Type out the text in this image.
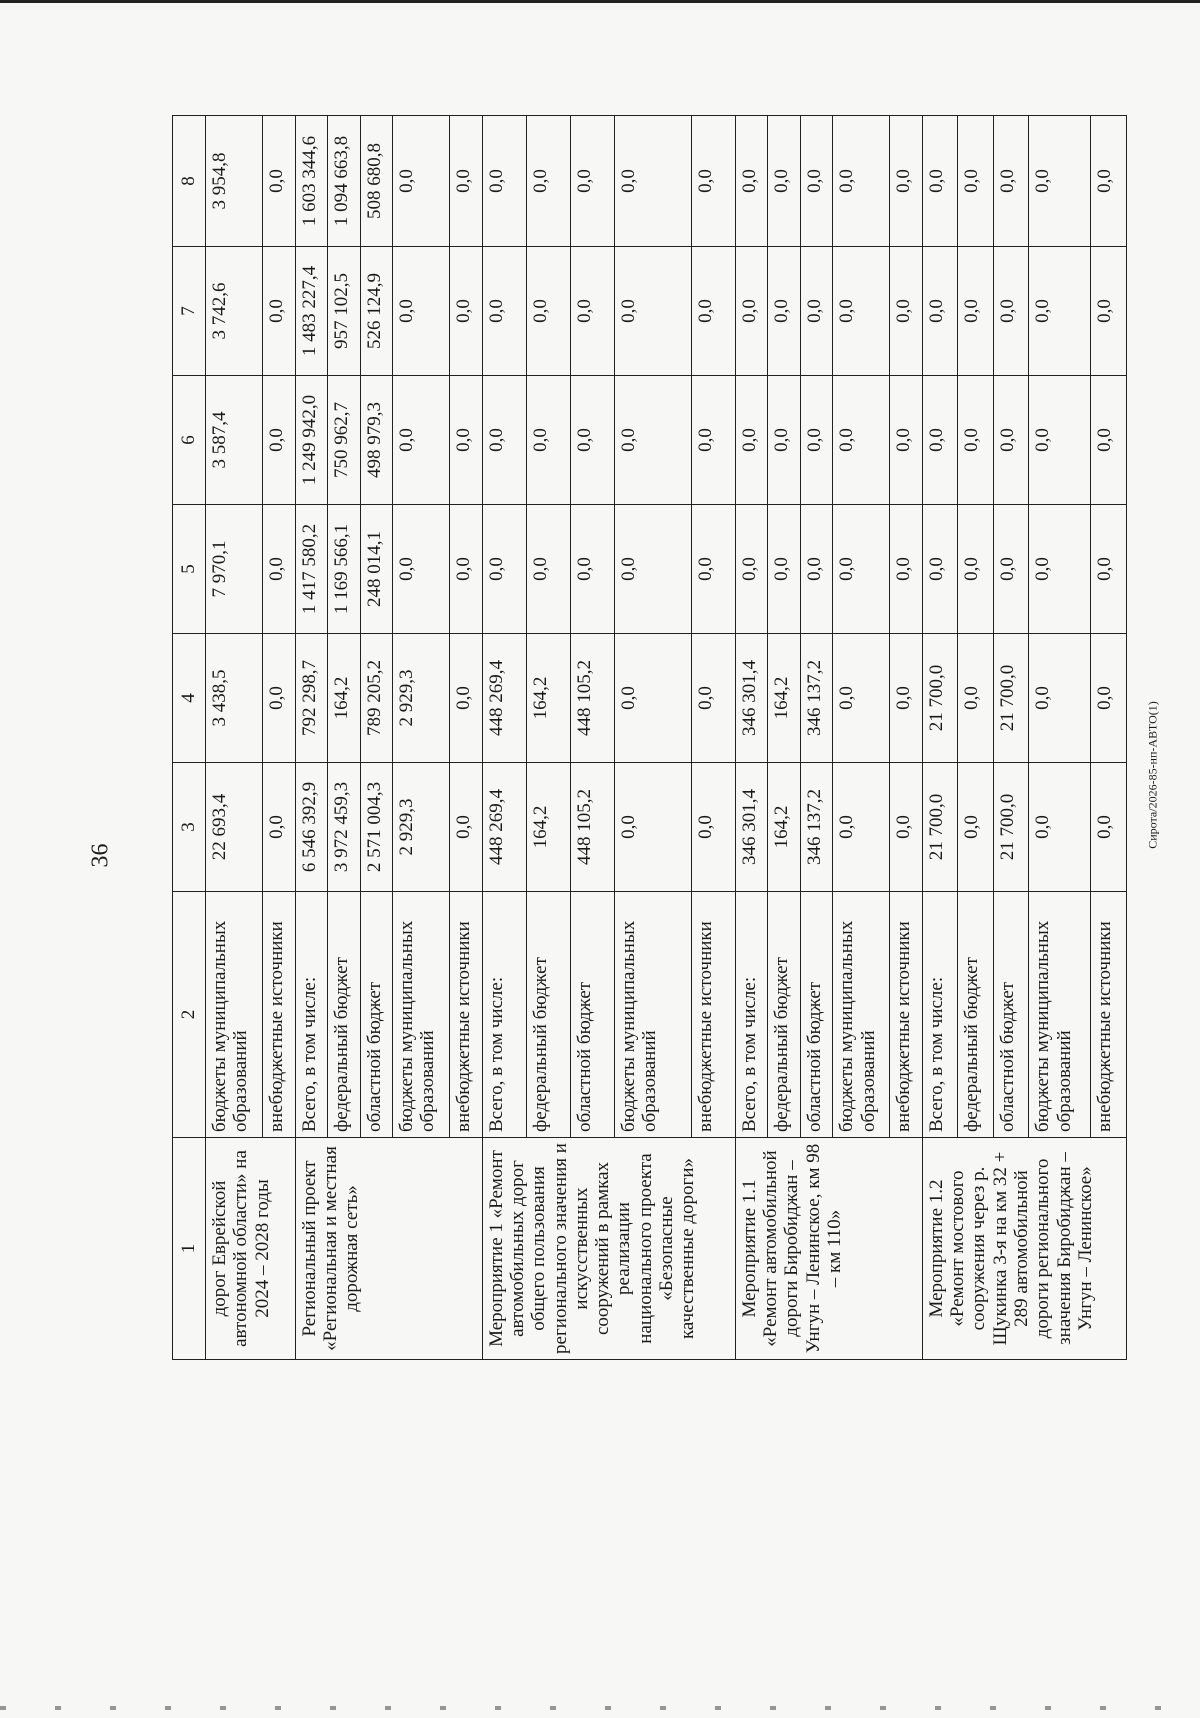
36
1	2	3	4	5	6	7	8
дорог Еврейской автономной области» на 2024 – 2028 годы	бюджеты муниципальных образований	22 693,4	3 438,5	7 970,1	3 587,4	3 742,6	3 954,8
	внебюджетные источники	0,0	0,0	0,0	0,0	0,0	0,0
Региональный проект «Региональная и местная дорожная сеть»	Всего, в том числе:	6 546 392,9	792 298,7	1 417 580,2	1 249 942,0	1 483 227,4	1 603 344,6
	федеральный бюджет	3 972 459,3	164,2	1 169 566,1	750 962,7	957 102,5	1 094 663,8
	областной бюджет	2 571 004,3	789 205,2	248 014,1	498 979,3	526 124,9	508 680,8
	бюджеты муниципальных образований	2 929,3	2 929,3	0,0	0,0	0,0	0,0
	внебюджетные источники	0,0	0,0	0,0	0,0	0,0	0,0
Мероприятие 1 «Ремонт автомобильных дорог общего пользования регионального значения и искусственных сооружений в рамках реализации национального проекта «Безопасные качественные дороги»	Всего, в том числе:	448 269,4	448 269,4	0,0	0,0	0,0	0,0
	федеральный бюджет	164,2	164,2	0,0	0,0	0,0	0,0
	областной бюджет	448 105,2	448 105,2	0,0	0,0	0,0	0,0
	бюджеты муниципальных образований	0,0	0,0	0,0	0,0	0,0	0,0
	внебюджетные источники	0,0	0,0	0,0	0,0	0,0	0,0
Мероприятие 1.1 «Ремонт автомобильной дороги Биробиджан – Унгун – Ленинское, км 98 – км 110»	Всего, в том числе:	346 301,4	346 301,4	0,0	0,0	0,0	0,0
	федеральный бюджет	164,2	164,2	0,0	0,0	0,0	0,0
	областной бюджет	346 137,2	346 137,2	0,0	0,0	0,0	0,0
	бюджеты муниципальных образований	0,0	0,0	0,0	0,0	0,0	0,0
	внебюджетные источники	0,0	0,0	0,0	0,0	0,0	0,0
Мероприятие 1.2 «Ремонт мостового сооружения через р. Щукинка 3-я на км 32 + 289 автомобильной дороги регионального значения Биробиджан – Унгун – Ленинское»	Всего, в том числе:	21 700,0	21 700,0	0,0	0,0	0,0	0,0
	федеральный бюджет	0,0	0,0	0,0	0,0	0,0	0,0
	областной бюджет	21 700,0	21 700,0	0,0	0,0	0,0	0,0
	бюджеты муниципальных образований	0,0	0,0	0,0	0,0	0,0	0,0
	внебюджетные источники	0,0	0,0	0,0	0,0	0,0	0,0
Сирота/2026-85-нп-АВТО(1)
